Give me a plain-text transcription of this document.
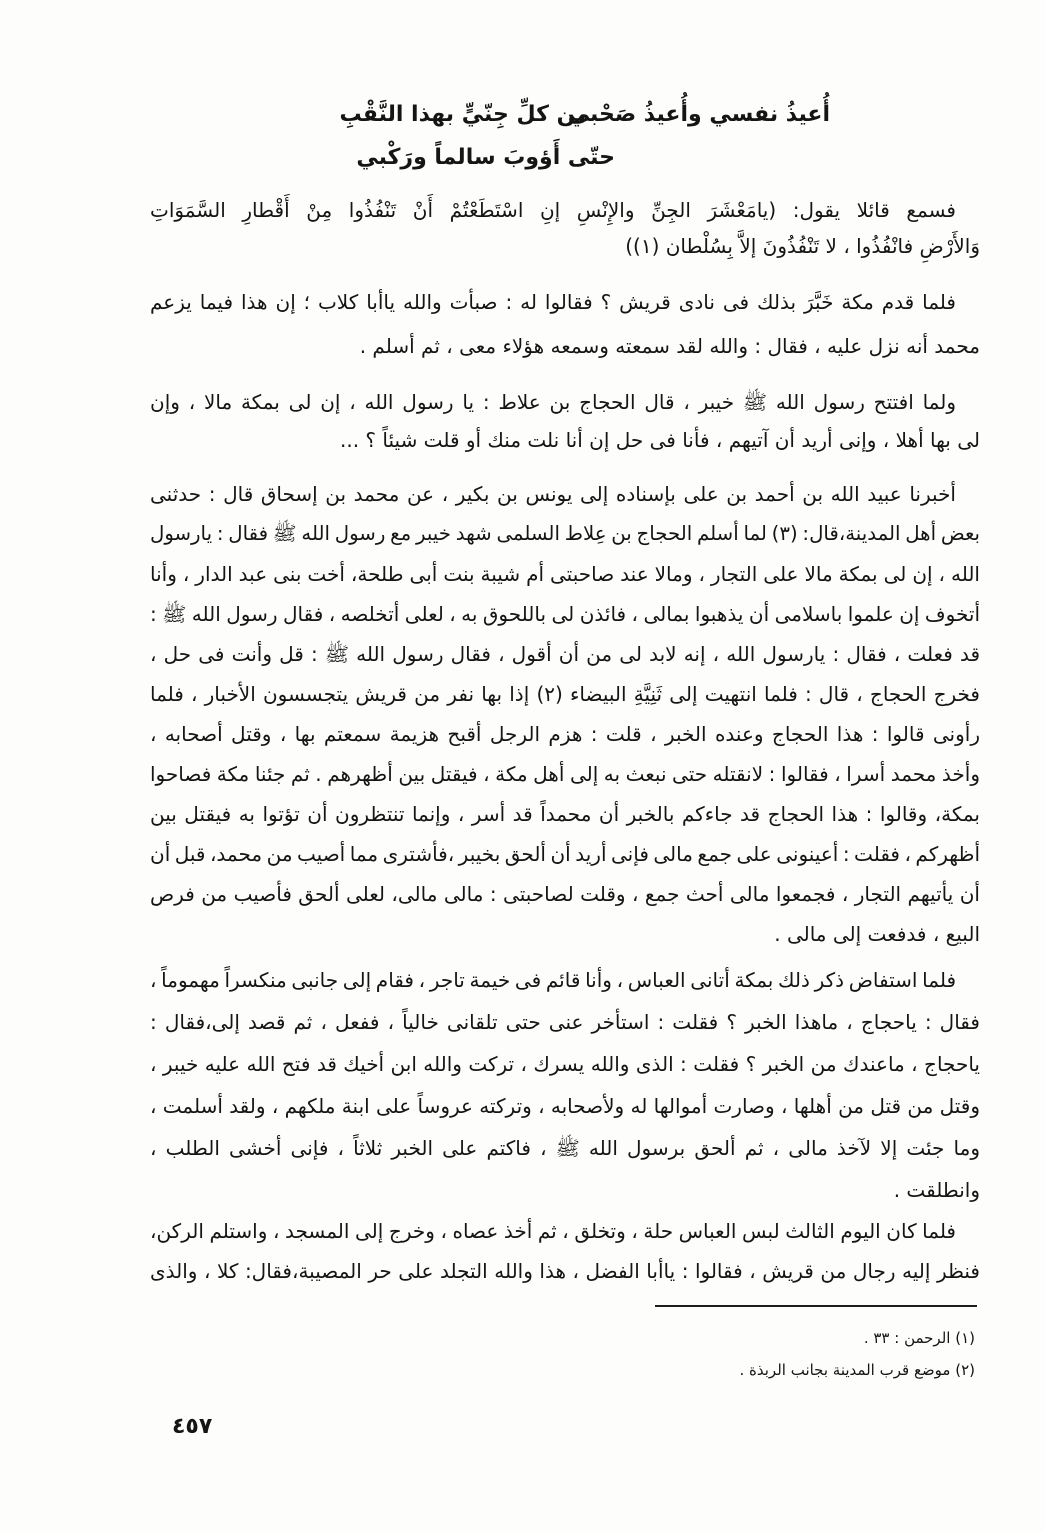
أُعيذُ نفسي وأُعيذُ صَحْبي
من كلِّ جِنّيٍّ بهذا النَّقْبِ
حتّى أَؤوبَ سالماً ورَكْبي
فسمع قائلا يقول: (يامَعْشَرَ الجِنِّ والإِنْسِ إنِ اسْتَطَعْتُمْ أَنْ تَنْفُذُوا مِنْ أَقْطارِ السَّمَوَاتِ
وَالأَرْضِ فانْفُذُوا ، لا تَنْفُذُونَ إلاَّ بِسُلْطان (١))
فلما قدم مكة خَبَّرَ بذلك فى نادى قريش ؟ فقالوا له : صبأت والله ياأبا كلاب ؛ إن هذا فيما يزعم
محمد أنه نزل عليه ، فقال : والله لقد سمعته وسمعه هؤلاء معى ، ثم أسلم .
ولما افتتح رسول الله ﷺ خيبر ، قال الحجاج بن علاط : يا رسول الله ، إن لى بمكة مالا ، وإن
لى بها أهلا ، وإنى أريد أن آتيهم ، فأنا فى حل إن أنا نلت منك أو قلت شيئاً ؟ ...
أخبرنا عبيد الله بن أحمد بن على بإسناده إلى يونس بن بكير ، عن محمد بن إسحاق قال : حدثنى
بعض أهل المدينة،قال: (٣) لما أسلم الحجاج بن عِلاط السلمى شهد خيبر مع رسول الله ﷺ فقال : يارسول
الله ، إن لى بمكة مالا على التجار ، ومالا عند صاحبتى أم شيبة بنت أبى طلحة، أخت بنى عبد الدار ، وأنا
أتخوف إن علموا باسلامى أن يذهبوا بمالى ، فائذن لى باللحوق به ، لعلى أتخلصه ، فقال رسول الله ﷺ :
قد فعلت ، فقال : يارسول الله ، إنه لابد لى من أن أقول ، فقال رسول الله ﷺ : قل وأنت فى حل ،
فخرج الحجاج ، قال : فلما انتهيت إلى ثَنِيَّةِ البيضاء (٢) إذا بها نفر من قريش يتجسسون الأخبار ، فلما
رأونى قالوا : هذا الحجاج وعنده الخبر ، قلت : هزم الرجل أقبح هزيمة سمعتم بها ، وقتل أصحابه ،
وأخذ محمد أسرا ، فقالوا : لانقتله حتى نبعث به إلى أهل مكة ، فيقتل بين أظهرهم . ثم جئنا مكة فصاحوا
بمكة، وقالوا : هذا الحجاج قد جاءكم بالخبر أن محمداً قد أسر ، وإنما تنتظرون أن تؤتوا به فيقتل بين
أظهركم ، فقلت : أعينونى على جمع مالى فإنى أريد أن ألحق بخيبر ،فأشترى مما أصيب من محمد، قبل أن
أن يأتيهم التجار ، فجمعوا مالى أحث جمع ، وقلت لصاحبتى : مالى مالى، لعلى ألحق فأصيب من فرص
البيع ، فدفعت إلى مالى .
فلما استفاض ذكر ذلك بمكة أتانى العباس ، وأنا قائم فى خيمة تاجر ، فقام إلى جانبى منكسراً مهموماً ،
فقال : ياحجاج ، ماهذا الخبر ؟ فقلت : استأخر عنى حتى تلقانى خالياً ، ففعل ، ثم قصد إلى،فقال :
ياحجاج ، ماعندك من الخبر ؟ فقلت : الذى والله يسرك ، تركت والله ابن أخيك قد فتح الله عليه خيبر ،
وقتل من قتل من أهلها ، وصارت أموالها له ولأصحابه ، وتركته عروساً على ابنة ملكهم ، ولقد أسلمت ،
وما جئت إلا لآخذ مالى ، ثم ألحق برسول الله ﷺ ، فاكتم على الخبر ثلاثاً ، فإنى أخشى الطلب ،
وانطلقت .
فلما كان اليوم الثالث لبس العباس حلة ، وتخلق ، ثم أخذ عصاه ، وخرج إلى المسجد ، واستلم الركن،
فنظر إليه رجال من قريش ، فقالوا : ياأبا الفضل ، هذا والله التجلد على حر المصيبة،فقال: كلا ، والذى
(١) الرحمن : ٣٣ .
(٢) موضع قرب المدينة بجانب الربذة .
٤٥٧
